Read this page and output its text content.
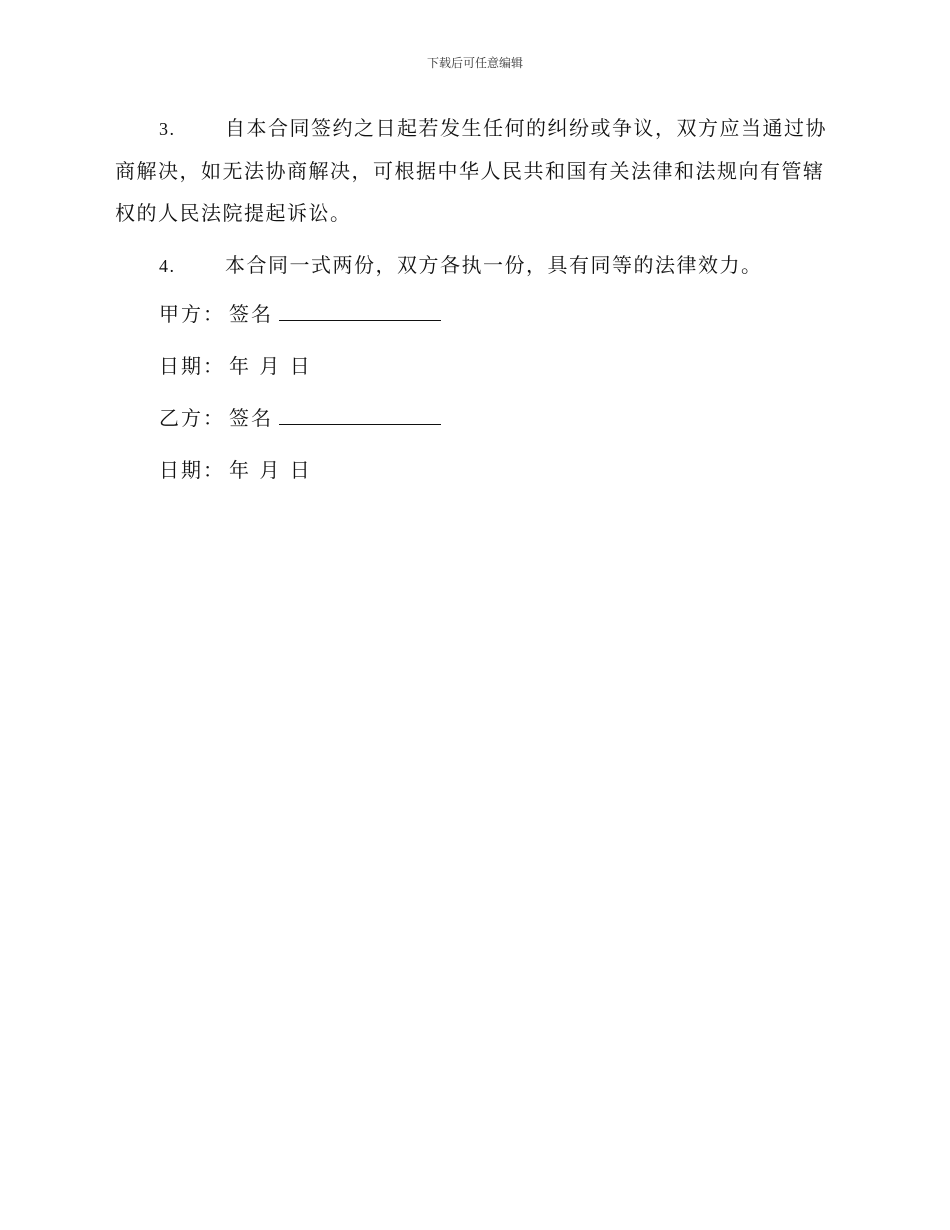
下载后可任意编辑

3. 自本合同签约之日起若发生任何的纠纷或争议，双方应当通过协商解决，如无法协商解决，可根据中华人民共和国有关法律和法规向有管辖权的人民法院提起诉讼。

4. 本合同一式两份，双方各执一份，具有同等的法律效力。

甲方： 签名
日期： 年 月 日
乙方： 签名
日期： 年 月 日
